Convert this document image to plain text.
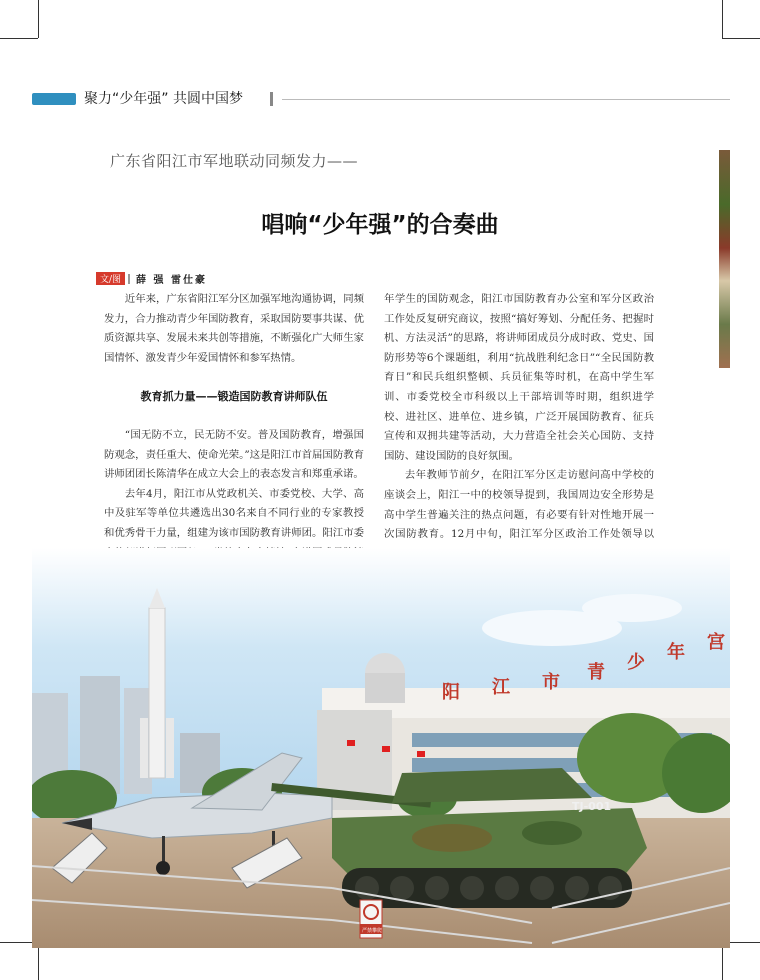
聚力“少年强” 共圆中国梦
广东省阳江市军地联动同频发力——
唱响“少年强”的合奏曲
文/图	薛 强 雷仕豪

近年来，广东省阳江军分区加强军地沟通协调，同频发力，合力推动青少年国防教育，采取国防要事共谋、优质资源共享、发展未来共创等措施，不断强化广大师生家国情怀、激发青少年爱国情怀和参军热情。

教育抓力量——锻造国防教育讲师队伍

“国无防不立，民无防不安。普及国防教育，增强国防观念，责任重大、使命光荣。”这是阳江市首届国防教育讲师团团长陈清华在成立大会上的表态发言和郑重承诺。

去年4月，阳江市从党政机关、市委党校、大学、高中及驻军等单位共遴选出30名来自不同行业的专家教授和优秀骨干力量，组建为该市国防教育讲师团。阳江市委

年学生的国防观念，阳江市国防教育办公室和军分区政治工作处反复研究商议，按照“搞好筹划、分配任务、把握时机、方法灵活”的思路，将讲师团成员分成时政、党史、国防形势等6个课题组，利用“抗战胜利纪念日”“全民国防教育日”和民兵组织整顿、兵员征集等时机，在高中学生军训、市委党校全市科级以上干部培训等时期，组织进学校、进社区、进单位、进乡镇，广泛开展国防教育、征兵宣传和双拥共建等活动，大力营造全社会关心国防、支持国防、建设国防的良好氛围。

去年教师节前夕，在阳江军分区走访慰问高中学校的座谈会上，阳江一中的校领导提到，我国周边安全形势是高中学生普遍关注的热点问题，有必要有针对性地开展一次国防教育。12月中旬，阳江军分区政治工作处领导以

阳 江 市 青 少 年 宫
TJ-001
严禁攀爬
